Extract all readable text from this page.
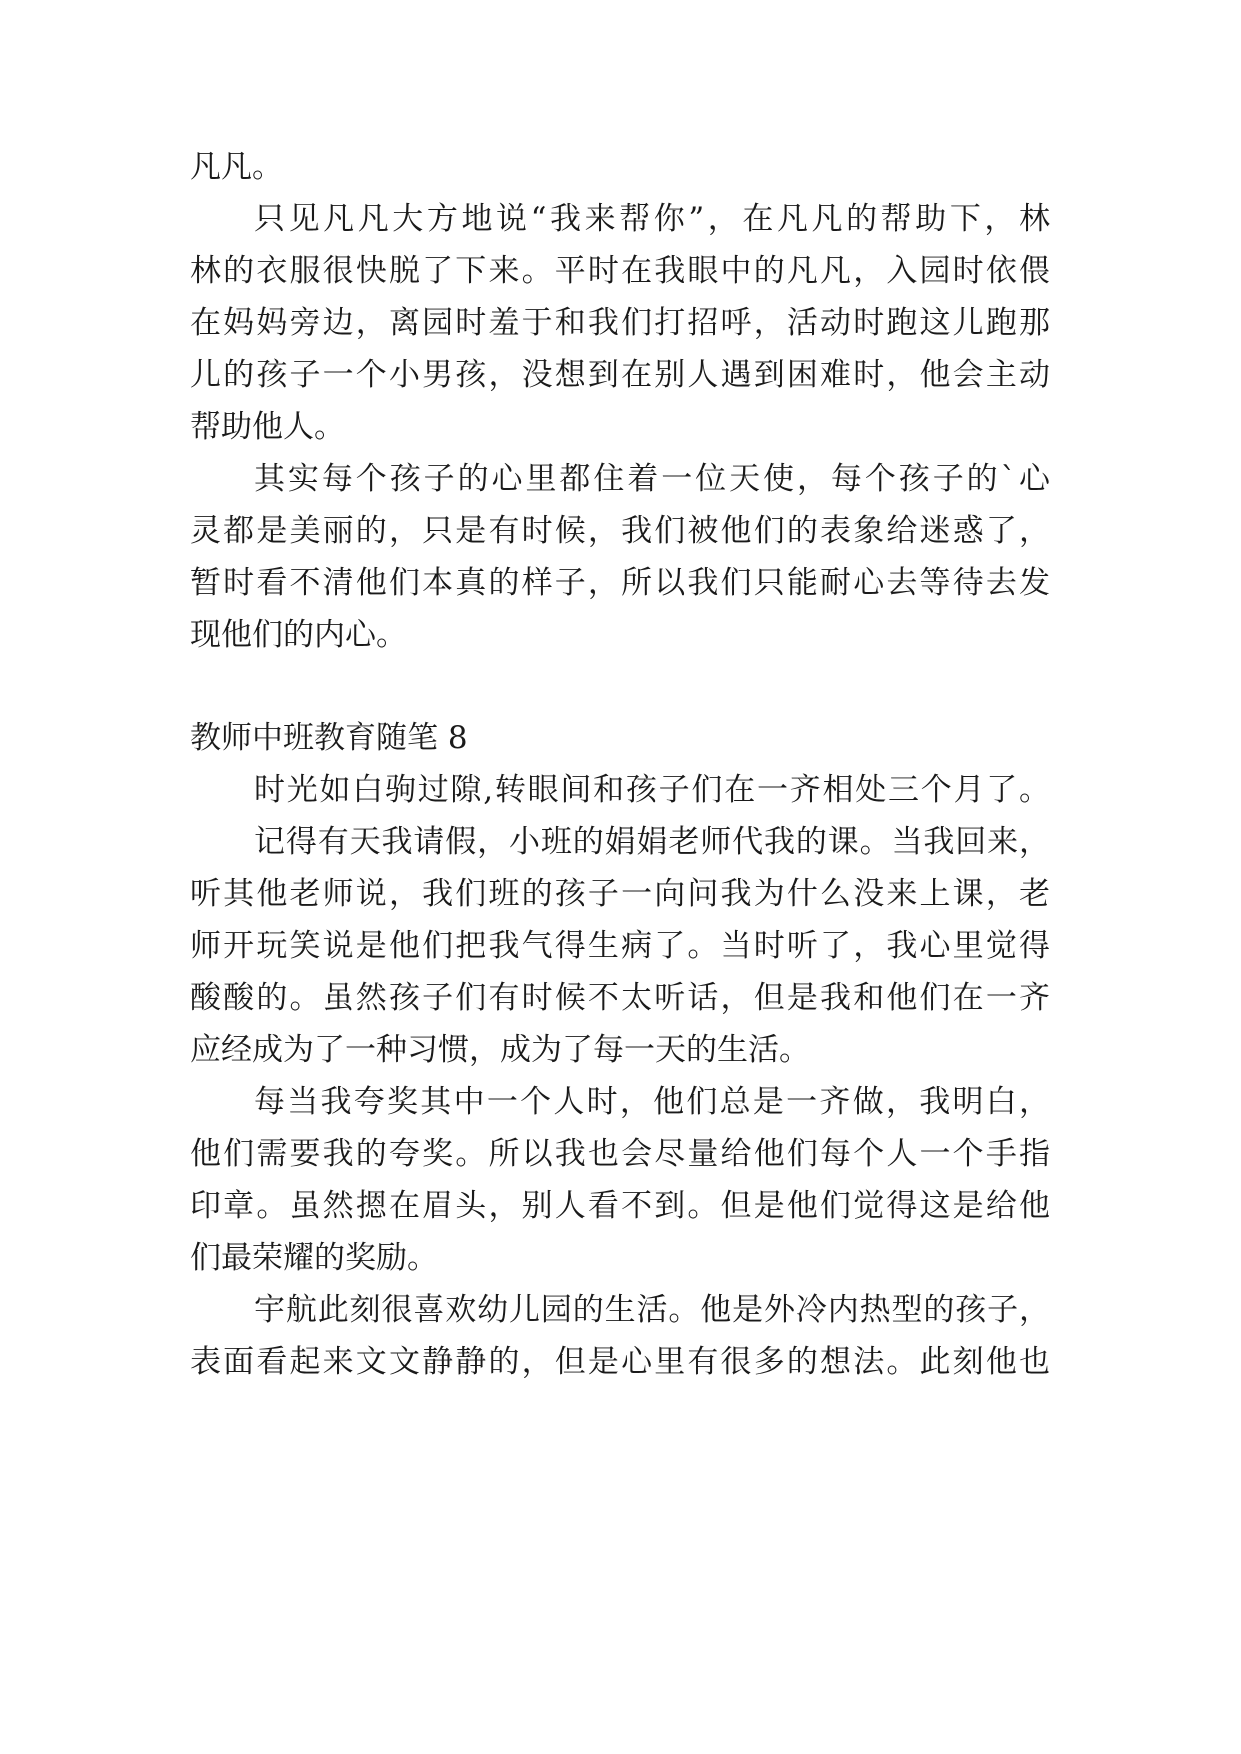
凡凡。
只见凡凡大方地说“我来帮你”，在凡凡的帮助下，林
林的衣服很快脱了下来。平时在我眼中的凡凡，入园时依偎
在妈妈旁边，离园时羞于和我们打招呼，活动时跑这儿跑那
儿的孩子一个小男孩，没想到在别人遇到困难时，他会主动
帮助他人。
其实每个孩子的心里都住着一位天使，每个孩子的`心
灵都是美丽的，只是有时候，我们被他们的表象给迷惑了，
暂时看不清他们本真的样子，所以我们只能耐心去等待去发
现他们的内心。
教师中班教育随笔 8
时光如白驹过隙,转眼间和孩子们在一齐相处三个月了。
记得有天我请假，小班的娟娟老师代我的课。当我回来，
听其他老师说，我们班的孩子一向问我为什么没来上课，老
师开玩笑说是他们把我气得生病了。当时听了，我心里觉得
酸酸的。虽然孩子们有时候不太听话，但是我和他们在一齐
应经成为了一种习惯，成为了每一天的生活。
每当我夸奖其中一个人时，他们总是一齐做，我明白，
他们需要我的夸奖。所以我也会尽量给他们每个人一个手指
印章。虽然摁在眉头，别人看不到。但是他们觉得这是给他
们最荣耀的奖励。
宇航此刻很喜欢幼儿园的生活。他是外冷内热型的孩子，
表面看起来文文静静的，但是心里有很多的想法。此刻他也
